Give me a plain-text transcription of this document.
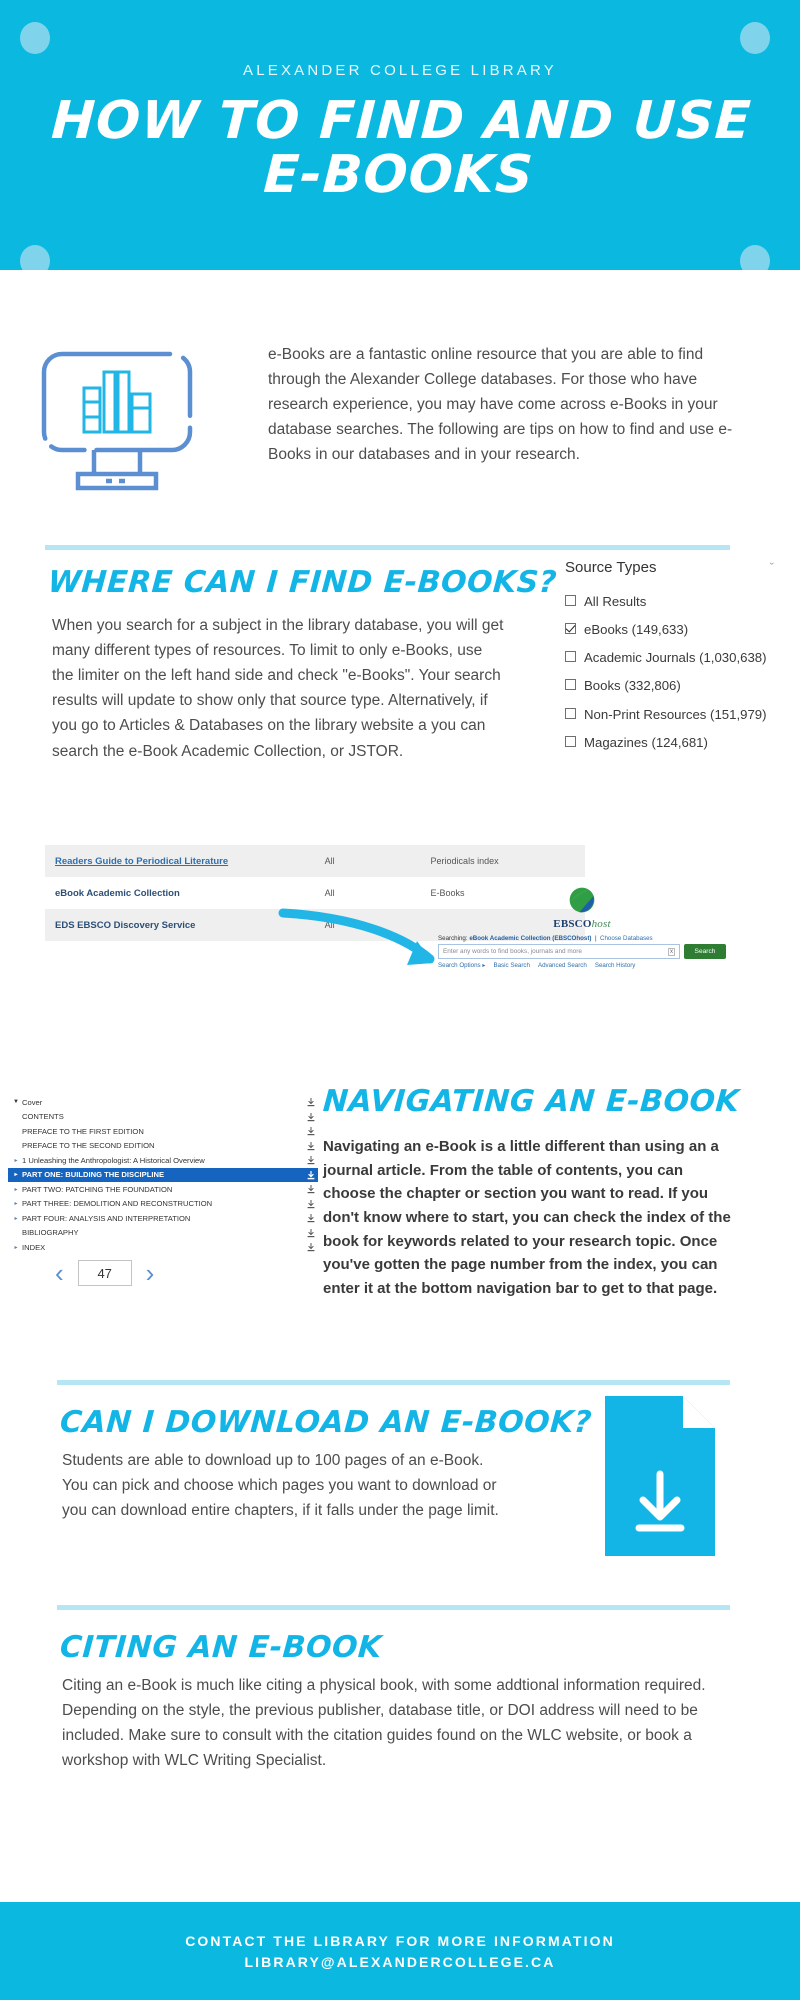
ALEXANDER COLLEGE LIBRARY
HOW TO FIND AND USE
E-BOOKS

e-Books are a fantastic online resource that you are able to find through the Alexander College databases. For those who have research experience, you may have come across e-Books in your database searches. The following are tips on how to find and use e-Books in our databases and in your research.

WHERE CAN I FIND E-BOOKS?

When you search for a subject in the library database, you will get many different types of resources. To limit to only e-Books, use the limiter on the left hand side and check "e-Books". Your search results will update to show only that source type. Alternatively, if you go to Articles & Databases on the library website a you can search the e-Book Academic Collection, or JSTOR.

Source Types	ˇ
All Results
eBooks (149,633)
Academic Journals (1,030,638)
Books (332,806)
Non-Print Resources (151,979)
Magazines (124,681)
Readers Guide to Periodical Literature	All	Periodicals index
eBook Academic Collection	All	E-Books
EDS EBSCO Discovery Service	All	EBSCOhost
Searching: eBook Academic Collection (EBSCOhost)  |  Choose Databases
Enter any words to find books, journals and more	x	Search
Search Options ▸ Basic Search Advanced Search Search History
▼ Cover
CONTENTS
PREFACE TO THE FIRST EDITION
PREFACE TO THE SECOND EDITION
▸ 1 Unleashing the Anthropologist: A Historical Overview
▸ PART ONE: BUILDING THE DISCIPLINE
▸ PART TWO: PATCHING THE FOUNDATION
▸ PART THREE: DEMOLITION AND RECONSTRUCTION
▸ PART FOUR: ANALYSIS AND INTERPRETATION
BIBLIOGRAPHY
▸ INDEX
‹	47	›
NAVIGATING AN E-BOOK

Navigating an e-Book is a little different than using an a journal article. From the table of contents, you can choose the chapter or section you want to read. If you don't know where to start, you can check the index of the book for keywords related to your research topic. Once you've gotten the page number from the index, you can enter it at the bottom navigation bar to get to that page.

CAN I DOWNLOAD AN E-BOOK?

Students are able to download up to 100 pages of an e-Book. You can pick and choose which pages you want to download or you can download entire chapters, if it falls under the page limit.

CITING AN E-BOOK

Citing an e-Book is much like citing a physical book, with some addtional information required. Depending on the style, the previous publisher, database title, or DOI address will need to be included. Make sure to consult with the citation guides found on the WLC website, or book a workshop with WLC Writing Specialist.

CONTACT THE LIBRARY FOR MORE INFORMATION
LIBRARY@ALEXANDERCOLLEGE.CA
